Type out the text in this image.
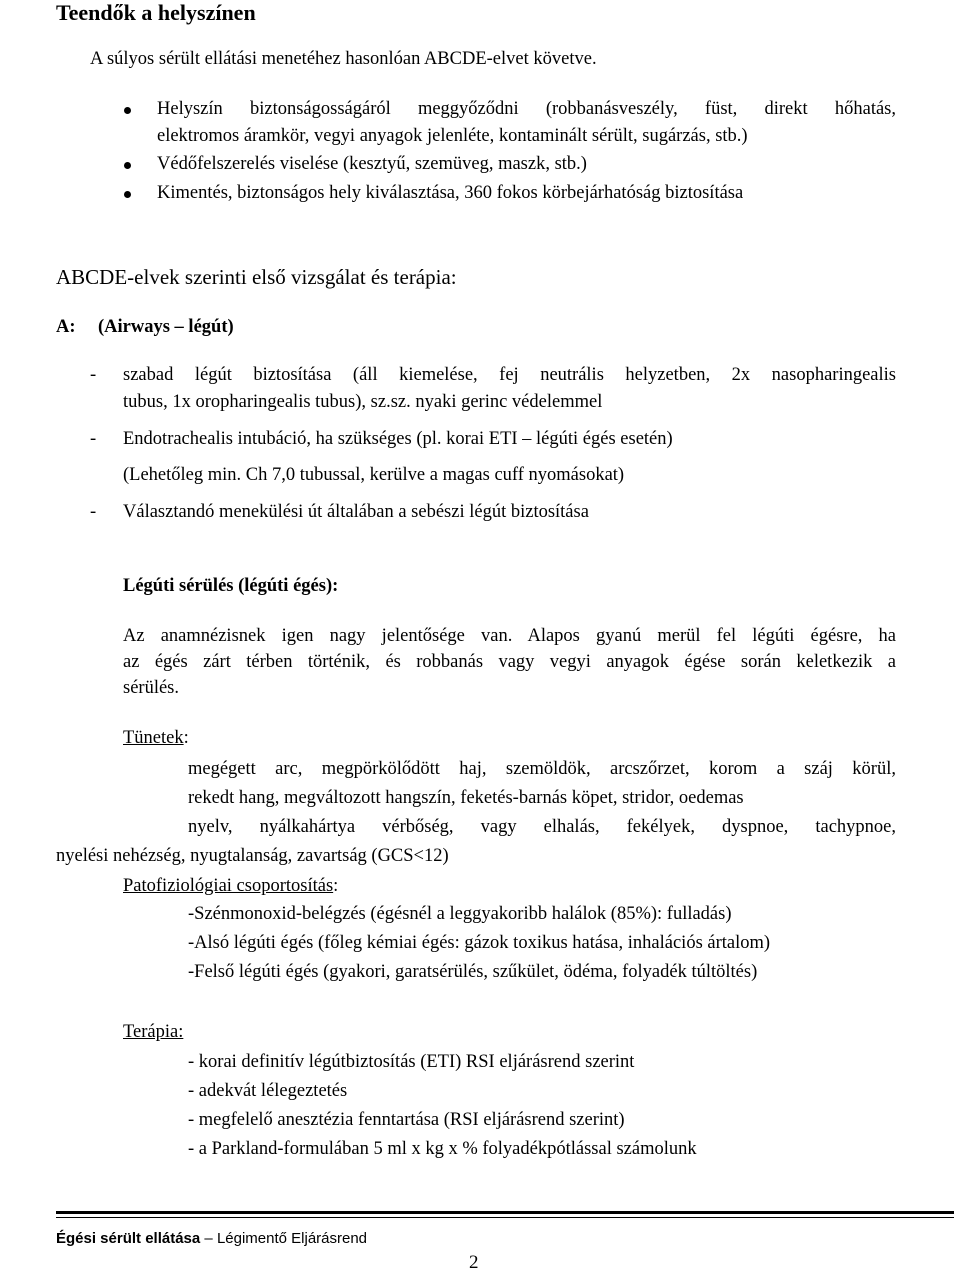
Teendők a helyszínen
A súlyos sérült ellátási menetéhez hasonlóan ABCDE-elvet követve.
Helyszín biztonságosságáról meggyőződni (robbanásveszély, füst, direkt hőhatás,
elektromos áramkör, vegyi anyagok jelenléte, kontaminált sérült, sugárzás, stb.)
Védőfelszerelés viselése (kesztyű, szemüveg, maszk, stb.)
Kimentés, biztonságos hely kiválasztása, 360 fokos körbejárhatóság biztosítása
ABCDE-elvek szerinti első vizsgálat és terápia:
A: (Airways – légút)
- szabad légút biztosítása (áll kiemelése, fej neutrális helyzetben, 2x nasopharingealis
tubus, 1x oropharingealis tubus), sz.sz. nyaki gerinc védelemmel
- Endotrachealis intubáció, ha szükséges (pl. korai ETI – légúti égés esetén)
(Lehetőleg min. Ch 7,0 tubussal, kerülve a magas cuff nyomásokat)
- Választandó menekülési út általában a sebészi légút biztosítása
Légúti sérülés (légúti égés):
Az anamnézisnek igen nagy jelentősége van. Alapos gyanú merül fel légúti égésre, ha
az égés zárt térben történik, és robbanás vagy vegyi anyagok égése során keletkezik a
sérülés.
Tünetek:
megégett arc, megpörkölődött haj, szemöldök, arcszőrzet, korom a száj körül,
rekedt hang, megváltozott hangszín, feketés-barnás köpet, stridor, oedemas
nyelv, nyálkahártya vérbőség, vagy elhalás, fekélyek, dyspnoe, tachypnoe,
nyelési nehézség, nyugtalanság, zavartság (GCS<12)
Patofiziológiai csoportosítás:
-Szénmonoxid-belégzés (égésnél a leggyakoribb halálok (85%): fulladás)
-Alsó légúti égés (főleg kémiai égés: gázok toxikus hatása, inhalációs ártalom)
-Felső légúti égés (gyakori, garatsérülés, szűkület, ödéma, folyadék túltöltés)
Terápia:
- korai definitív légútbiztosítás (ETI) RSI eljárásrend szerint
- adekvát lélegeztetés
- megfelelő anesztézia fenntartása (RSI eljárásrend szerint)
- a Parkland-formulában 5 ml x kg x % folyadékpótlással számolunk
Égési sérült ellátása – Légimentő Eljárásrend
2
